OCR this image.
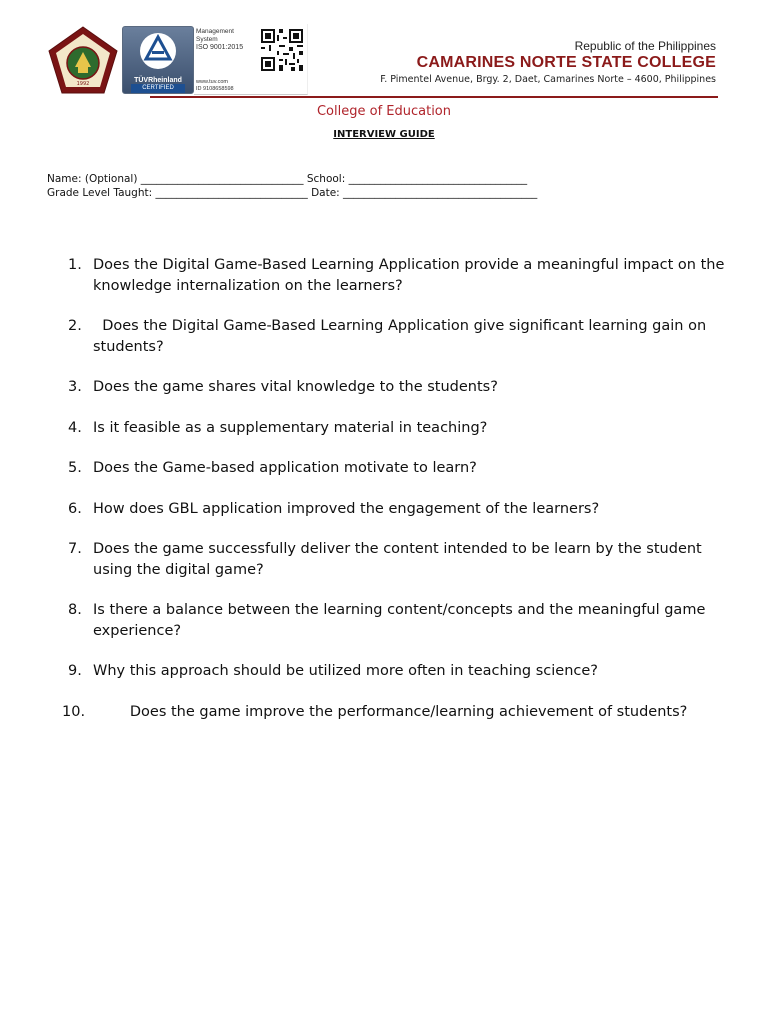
1992	TÜVRheinland
CERTIFIED
Management
System
ISO 9001:2015
www.tuv.com
ID 9108658598
Republic of the Philippines
CAMARINES NORTE STATE COLLEGE
F. Pimentel Avenue, Brgy. 2, Daet, Camarines Norte – 4600, Philippines
College of Education
INTERVIEW GUIDE
Name: (Optional) _______________________________ School: __________________________________
Grade Level Taught: _____________________________ Date: _____________________________________
1. Does the Digital Game-Based Learning Application provide a meaningful impact on the knowledge internalization on the learners?
2. Does the Digital Game-Based Learning Application give significant learning gain on students?
3. Does the game shares vital knowledge to the students?
4. Is it feasible as a supplementary material in teaching?
5. Does the Game-based application motivate to learn?
6. How does GBL application improved the engagement of the learners?
7. Does the game successfully deliver the content intended to be learn by the student using the digital game?
8. Is there a balance between the learning content/concepts and the meaningful game experience?
9. Why this approach should be utilized more often in teaching science?
10. Does the game improve the performance/learning achievement of students?
